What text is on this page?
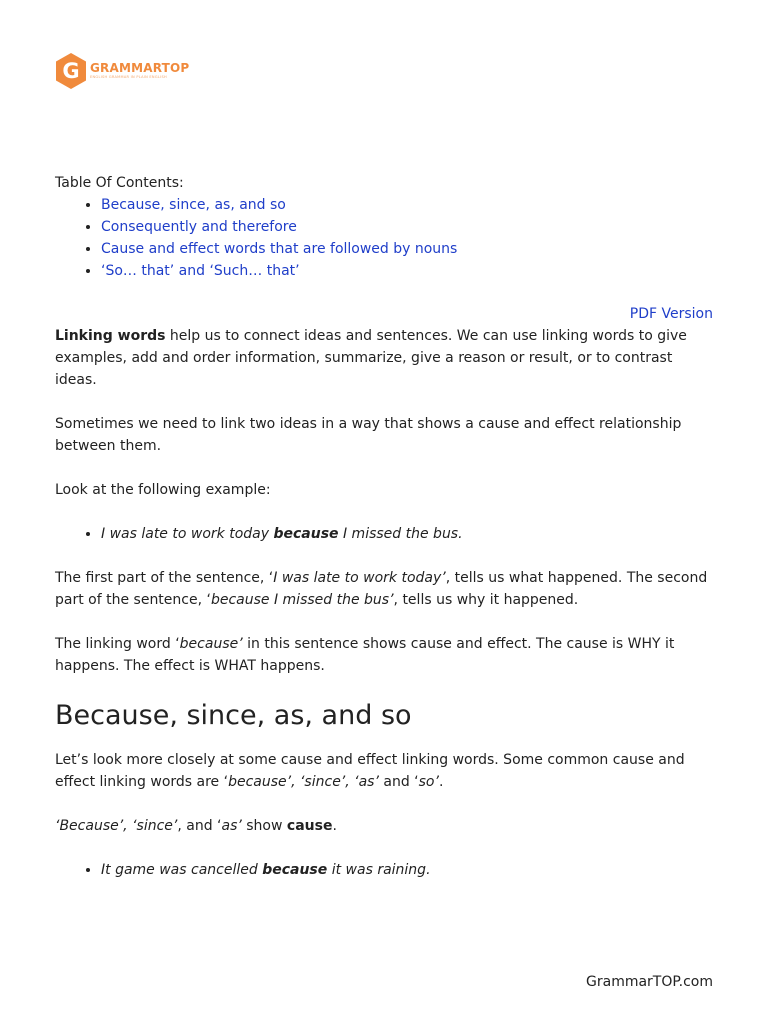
G GRAMMARTOP
ENGLISH GRAMMAR IN PLAIN ENGLISH
Table Of Contents:
• Because, since, as, and so
• Consequently and therefore
• Cause and effect words that are followed by nouns
• ‘So… that’ and ‘Such… that’
PDF Version

Linking words help us to connect ideas and sentences. We can use linking words to give examples, add and order information, summarize, give a reason or result, or to contrast ideas.

Sometimes we need to link two ideas in a way that shows a cause and effect relationship between them.

Look at the following example:

• I was late to work today because I missed the bus.

The first part of the sentence, ‘I was late to work today’, tells us what happened. The second part of the sentence, ‘because I missed the bus’, tells us why it happened.

The linking word ‘because’ in this sentence shows cause and effect. The cause is WHY it happens. The effect is WHAT happens.

Because, since, as, and so

Let’s look more closely at some cause and effect linking words. Some common cause and effect linking words are ‘because’, ‘since’, ‘as’ and ‘so’.

‘Because’, ‘since’, and ‘as’ show cause.

• It game was cancelled because it was raining.
GrammarTOP.com
